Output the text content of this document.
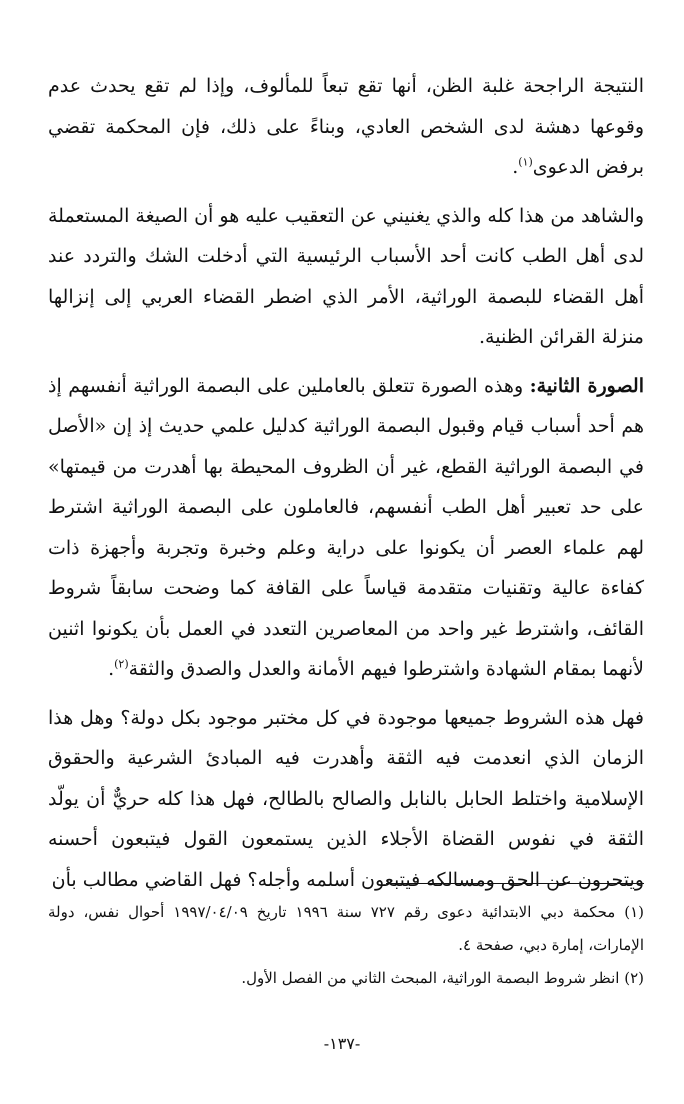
النتيجة الراجحة غلبة الظن، أنها تقع تبعاً للمألوف، وإذا لم تقع يحدث عدم وقوعها دهشة لدى الشخص العادي، وبناءً على ذلك، فإن المحكمة تقضي برفض الدعوى$^{(١)}$.

والشاهد من هذا كله والذي يغنيني عن التعقيب عليه هو أن الصيغة المستعملة لدى أهل الطب كانت أحد الأسباب الرئيسية التي أدخلت الشك والتردد عند أهل القضاء للبصمة الوراثية، الأمر الذي اضطر القضاء العربي إلى إنزالها منزلة القرائن الظنية.

الصورة الثانية: وهذه الصورة تتعلق بالعاملين على البصمة الوراثية أنفسهم إذ هم أحد أسباب قيام وقبول البصمة الوراثية كدليل علمي حديث إذ إن «الأصل في البصمة الوراثية القطع، غير أن الظروف المحيطة بها أهدرت من قيمتها» على حد تعبير أهل الطب أنفسهم، فالعاملون على البصمة الوراثية اشترط لهم علماء العصر أن يكونوا على دراية وعلم وخبرة وتجربة وأجهزة ذات كفاءة عالية وتقنيات متقدمة قياساً على القافة كما وضحت سابقاً شروط القائف، واشترط غير واحد من المعاصرين التعدد في العمل بأن يكونوا اثنين لأنهما بمقام الشهادة واشترطوا فيهم الأمانة والعدل والصدق والثقة$^{(٢)}$.

فهل هذه الشروط جميعها موجودة في كل مختبر موجود بكل دولة؟ وهل هذا الزمان الذي انعدمت فيه الثقة وأهدرت فيه المبادئ الشرعية والحقوق الإسلامية واختلط الحابل بالنابل والصالح بالطالح، فهل هذا كله حريٌّ أن يولّد الثقة في نفوس القضاة الأجلاء الذين يستمعون القول فيتبعون أحسنه ويتحرون عن الحق ومسالكه فيتبعون أسلمه وأجله؟ فهل القاضي مطالب بأن

(١) محكمة دبي الابتدائية دعوى رقم ٧٢٧ سنة ١٩٩٦ تاريخ ١٩٩٧/٠٤/٠٩ أحوال نفس، دولة الإمارات، إمارة دبي، صفحة ٤.

(٢) انظر شروط البصمة الوراثية، المبحث الثاني من الفصل الأول.

-١٣٧-
